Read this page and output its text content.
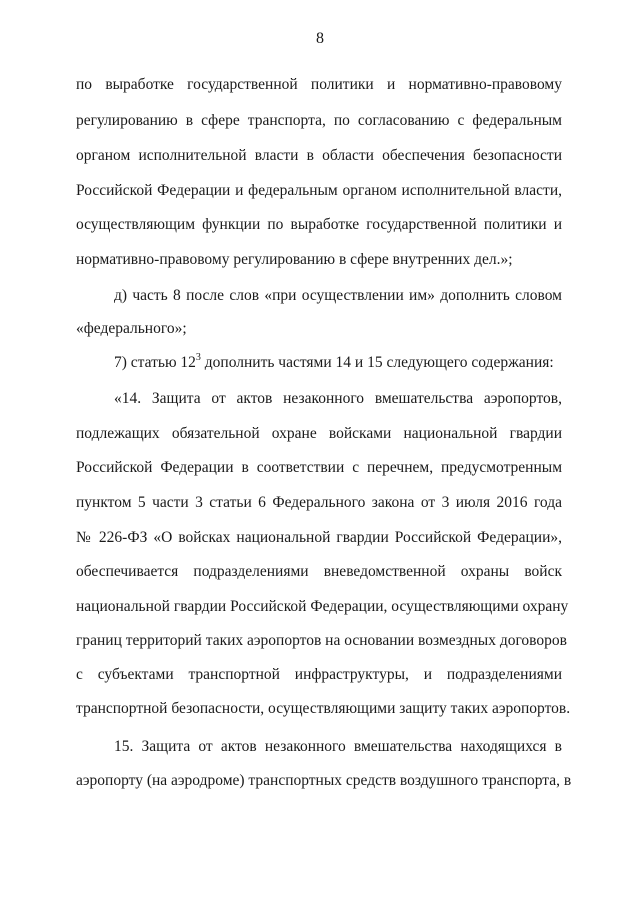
8
по выработке государственной политики и нормативно-правовому
регулированию в сфере транспорта, по согласованию с федеральным
органом исполнительной власти в области обеспечения безопасности
Российской Федерации и федеральным органом исполнительной власти,
осуществляющим функции по выработке государственной политики и
нормативно-правовому регулированию в сфере внутренних дел.»;
д) часть 8 после слов «при осуществлении им» дополнить словом
«федерального»;
7) статью $12^3$ дополнить частями 14 и 15 следующего содержания:
«14. Защита от актов незаконного вмешательства аэропортов,
подлежащих обязательной охране войсками национальной гвардии
Российской Федерации в соответствии с перечнем, предусмотренным
пунктом 5 части 3 статьи 6 Федерального закона от 3 июля 2016 года
№ 226-ФЗ «О войсках национальной гвардии Российской Федерации»,
обеспечивается подразделениями вневедомственной охраны войск
национальной гвардии Российской Федерации, осуществляющими охрану
границ территорий таких аэропортов на основании возмездных договоров
с субъектами транспортной инфраструктуры, и подразделениями
транспортной безопасности, осуществляющими защиту таких аэропортов.
15. Защита от актов незаконного вмешательства находящихся в
аэропорту (на аэродроме) транспортных средств воздушного транспорта, в
